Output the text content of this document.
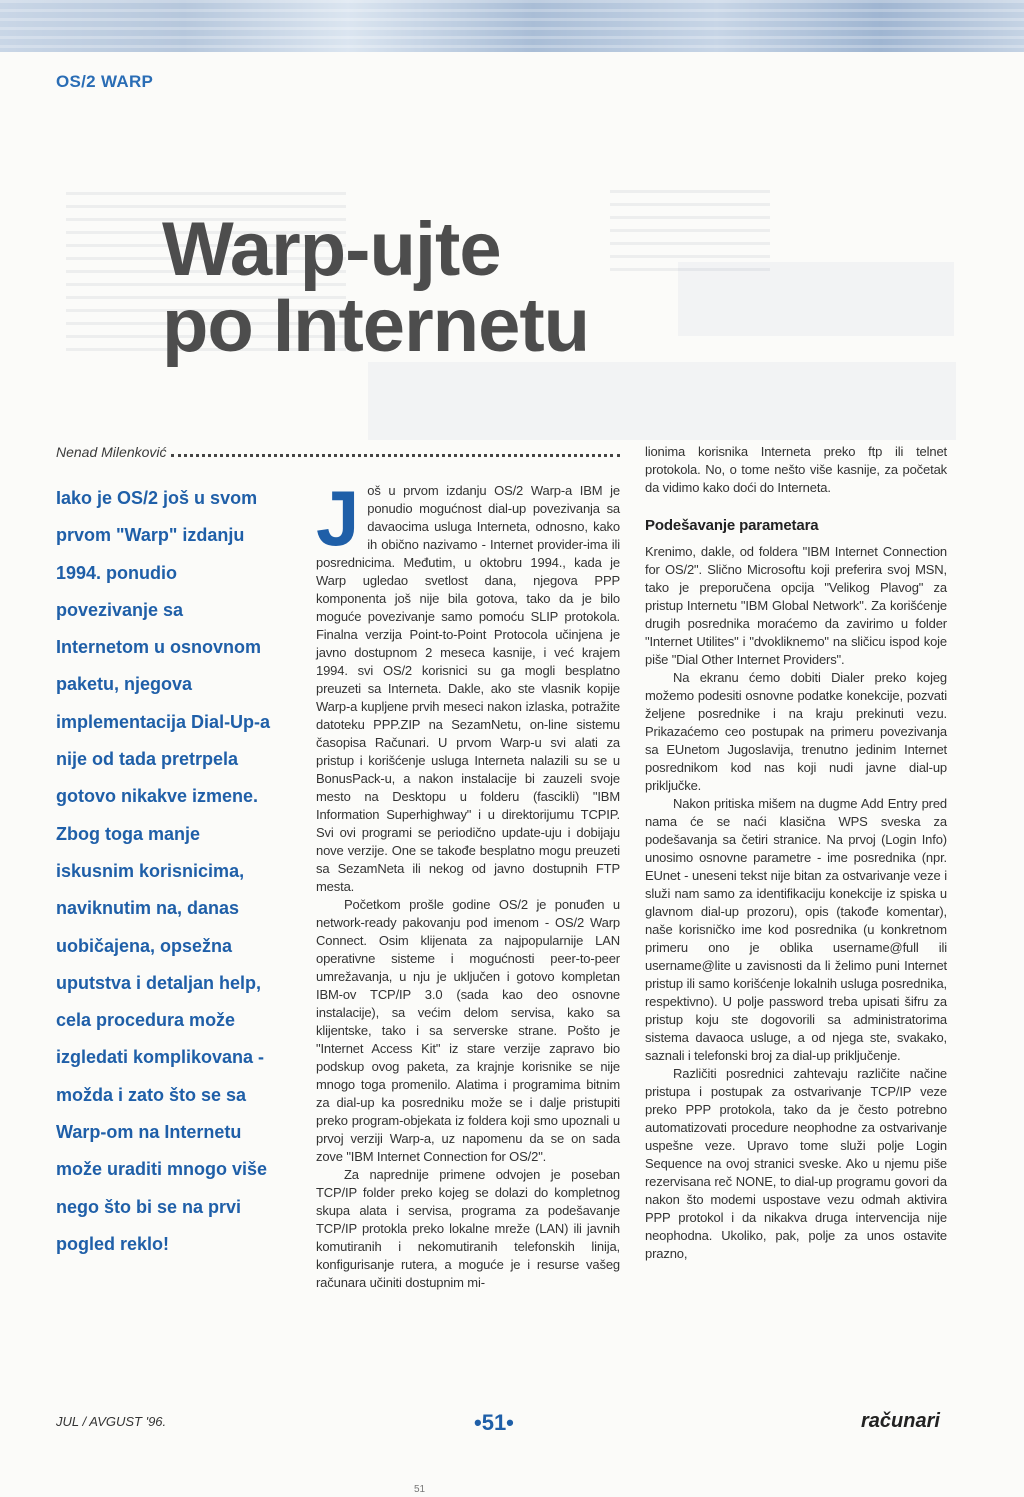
OS/2 WARP
Warp-ujte
po Internetu
Nenad Milenković

Iako je OS/2 još u svom prvom "Warp" izdanju 1994. ponudio povezivanje sa Internetom u osnovnom paketu, njegova implementacija Dial-Up-a nije od tada pretrpela gotovo nikakve izmene. Zbog toga manje iskusnim korisnicima, naviknutim na, danas uobičajena, opsežna uputstva i detaljan help, cela procedura može izgledati komplikovana - možda i zato što se sa Warp-om na Internetu može uraditi mnogo više nego što bi se na prvi pogled reklo!

Još u prvom izdanju OS/2 Warp-a IBM je ponudio mogućnost dial-up povezivanja sa davaocima usluga Interneta, odnosno, kako ih obično nazivamo - Internet provider-ima ili posrednicima. Međutim, u oktobru 1994., kada je Warp ugledao svetlost dana, njegova PPP komponenta još nije bila gotova, tako da je bilo moguće povezivanje samo pomoću SLIP protokola. Finalna verzija Point-to-Point Protocola učinjena je javno dostupnom 2 meseca kasnije, i već krajem 1994. svi OS/2 korisnici su ga mogli besplatno preuzeti sa Interneta. Dakle, ako ste vlasnik kopije Warp-a kupljene prvih meseci nakon izlaska, potražite datoteku PPP.ZIP na SezamNetu, on-line sistemu časopisa Računari. U prvom Warp-u svi alati za pristup i korišćenje usluga Interneta nalazili su se u BonusPack-u, a nakon instalacije bi zauzeli svoje mesto na Desktopu u folderu (fascikli) "IBM Information Superhighway" i u direktorijumu TCPIP. Svi ovi programi se periodično update-uju i dobijaju nove verzije. One se takođe besplatno mogu preuzeti sa SezamNeta ili nekog od javno dostupnih FTP mesta.

Početkom prošle godine OS/2 je ponuđen u network-ready pakovanju pod imenom - OS/2 Warp Connect. Osim klijenata za najpopularnije LAN operativne sisteme i mogućnosti peer-to-peer umrežavanja, u nju je uključen i gotovo kompletan IBM-ov TCP/IP 3.0 (sada kao deo osnovne instalacije), sa većim delom servisa, kako sa klijentske, tako i sa serverske strane. Pošto je "Internet Access Kit" iz stare verzije zapravo bio podskup ovog paketa, za krajnje korisnike se nije mnogo toga promenilo. Alatima i programima bitnim za dial-up ka posredniku može se i dalje pristupiti preko program-objekata iz foldera koji smo upoznali u prvoj verziji Warp-a, uz napomenu da se on sada zove "IBM Internet Connection for OS/2".

Za naprednije primene odvojen je poseban TCP/IP folder preko kojeg se dolazi do kompletnog skupa alata i servisa, programa za podešavanje TCP/IP protokla preko lokalne mreže (LAN) ili javnih komutiranih i nekomutiranih telefonskih linija, konfigurisanje rutera, a moguće je i resurse vašeg računara učiniti dostupnim mi-

lionima korisnika Interneta preko ftp ili telnet protokola. No, o tome nešto više kasnije, za početak da vidimo kako doći do Interneta.

Podešavanje parametara

Krenimo, dakle, od foldera "IBM Internet Connection for OS/2". Slično Microsoftu koji preferira svoj MSN, tako je preporučena opcija "Velikog Plavog" za pristup Internetu "IBM Global Network". Za korišćenje drugih posrednika moraćemo da zavirimo u folder "Internet Utilites" i "dvokliknemo" na sličicu ispod koje piše "Dial Other Internet Providers".

Na ekranu ćemo dobiti Dialer preko kojeg možemo podesiti osnovne podatke konekcije, pozvati željene posrednike i na kraju prekinuti vezu. Prikazaćemo ceo postupak na primeru povezivanja sa EUnetom Jugoslavija, trenutno jedinim Internet posrednikom kod nas koji nudi javne dial-up priključke.

Nakon pritiska mišem na dugme Add Entry pred nama će se naći klasična WPS sveska za podešavanja sa četiri stranice. Na prvoj (Login Info) unosimo osnovne parametre - ime posrednika (npr. EUnet - uneseni tekst nije bitan za ostvarivanje veze i služi nam samo za identifikaciju konekcije iz spiska u glavnom dial-up prozoru), opis (takođe komentar), naše korisničko ime kod posrednika (u konkretnom primeru ono je oblika username@full ili username@lite u zavisnosti da li želimo puni Internet pristup ili samo korišćenje lokalnih usluga posrednika, respektivno). U polje password treba upisati šifru za pristup koju ste dogovorili sa administratorima sistema davaoca usluge, a od njega ste, svakako, saznali i telefonski broj za dial-up priključenje.

Različiti posrednici zahtevaju različite načine pristupa i postupak za ostvarivanje TCP/IP veze preko PPP protokola, tako da je često potrebno automatizovati procedure neophodne za ostvarivanje uspešne veze. Upravo tome služi polje Login Sequence na ovoj stranici sveske. Ako u njemu piše rezervisana reč NONE, to dial-up programu govori da nakon što modemi uspostave vezu odmah aktivira PPP protokol i da nikakva druga intervencija nije neophodna. Ukoliko, pak, polje za unos ostavite prazno,

JUL / AVGUST '96.	•51•	računari
51
